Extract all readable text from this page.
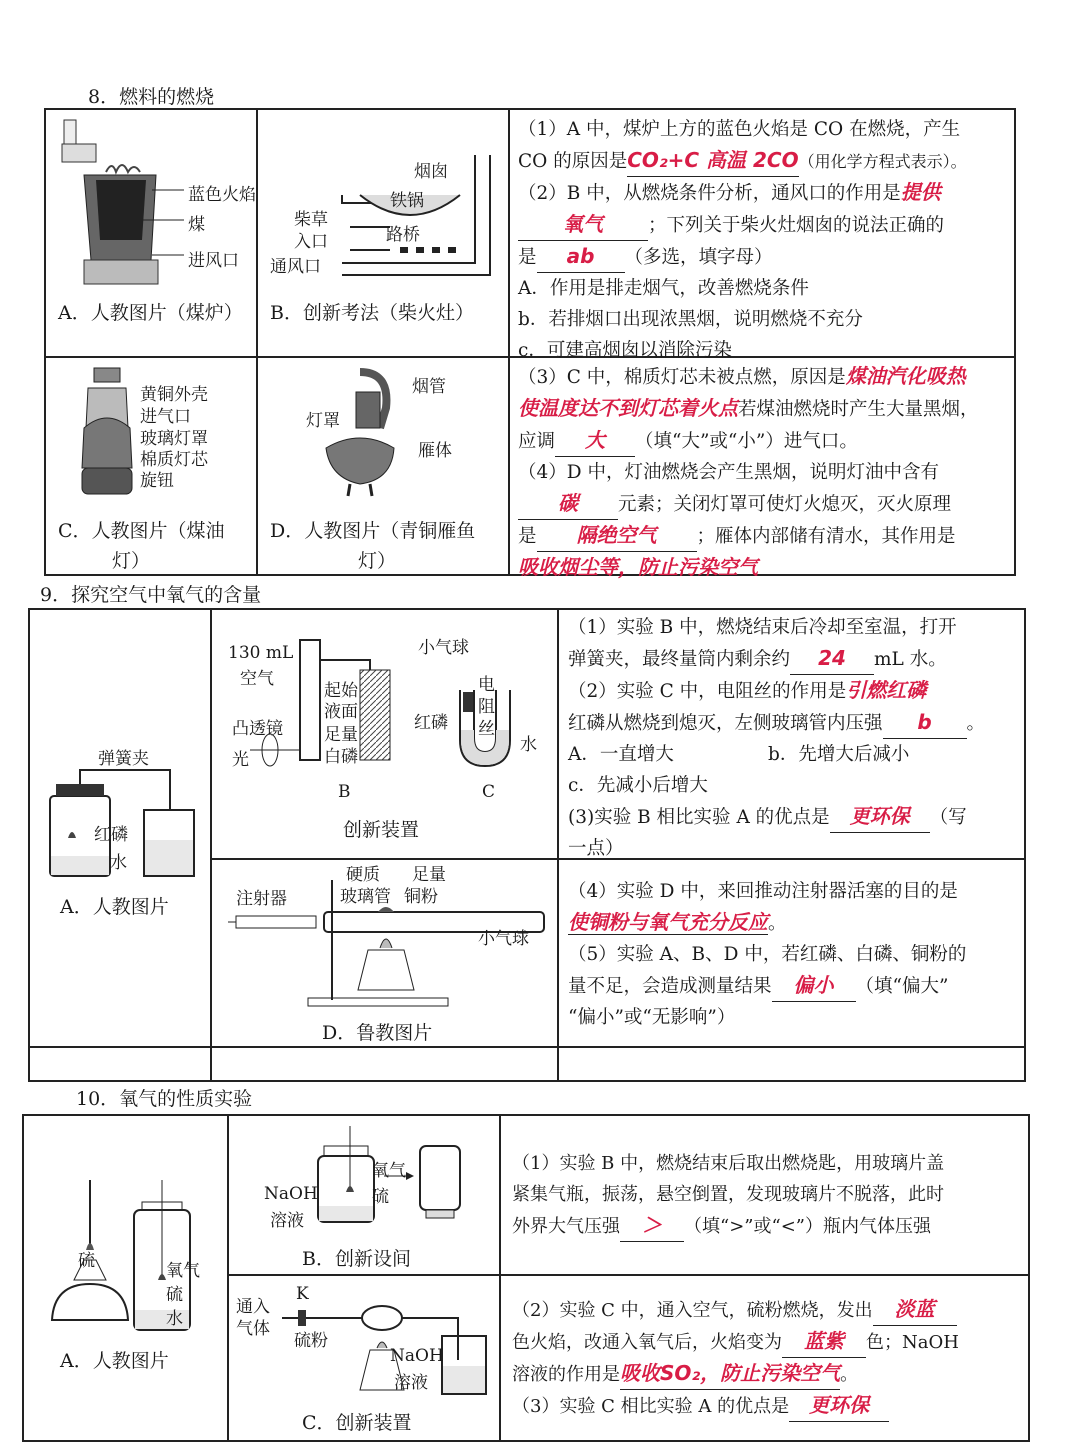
8．燃料的燃烧
蓝色火焰
煤
进风口
A．人教图片（煤炉）
烟囱
铁锅
柴草
入口	路桥
通风口
B．创新考法（柴火灶）
黄铜外壳
进气口
玻璃灯罩
棉质灯芯
旋钮
C．人教图片（煤油
灯）
烟管
灯罩
雁体
D．人教图片（青铜雁鱼
灯）

（1）A 中，煤炉上方的蓝色火焰是 CO 在燃烧，产生

CO 的原因是CO₂+C 高温 2CO（用化学方程式表示）。

（2）B 中，从燃烧条件分析，通风口的作用是提供

氧气 ；下列关于柴火灶烟囱的说法正确的

是 ab （多选，填字母）

A．作用是排走烟气，改善燃烧条件

b．若排烟口出现浓黑烟，说明燃烧不充分

c．可建高烟囱以消除污染

（3）C 中，棉质灯芯未被点燃，原因是煤油汽化吸热

使温度达不到灯芯着火点若煤油燃烧时产生大量黑烟，

应调 大 （填“大”或“小”）进气口。

（4）D 中，灯油燃烧会产生黑烟，说明灯油中含有

碳 元素；关闭灯罩可使灯火熄灭，灭火原理

是 隔绝空气 ；雁体内部储有清水，其作用是

吸收烟尘等，防止污染空气

9．探究空气中氧气的含量
弹簧夹
红磷
水
A．人教图片
130 mL
空气
起始
液面
凸透镜 足量
白磷
光
B
小气球
电
阻
丝
红磷
水
C
创新装置
硬质 足量
注射器	玻璃管 铜粉
小气球
D．鲁教图片

（1）实验 B 中，燃烧结束后冷却至室温，打开

弹簧夹，最终量筒内剩余约 24 mL 水。

（2）实验 C 中，电阻丝的作用是引燃红磷

红磷从燃烧到熄灭，左侧玻璃管内压强 b 。

A．一直增大	b．先增大后减小

c．先减小后增大

(3)实验 B 相比实验 A 的优点是 更环保 （写

一点）

（4）实验 D 中，来回推动注射器活塞的目的是

使铜粉与氧气充分反应。

（5）实验 A、B、D 中，若红磷、白磷、铜粉的

量不足，会造成测量结果 偏小 （填“偏大”

“偏小”或“无影响”）

10．氧气的性质实验
硫	氧气
硫
水
A．人教图片
氧气
NaOH	硫
溶液
B．创新设间
通入
K
气体
硫粉
NaOH
溶液
C．创新装置

（1）实验 B 中，燃烧结束后取出燃烧匙，用玻璃片盖

紧集气瓶，振荡，悬空倒置，发现玻璃片不脱落，此时

外界大气压强 ＞ （填“>”或“<”）瓶内气体压强

（2）实验 C 中，通入空气，硫粉燃烧，发出 淡蓝

色火焰，改通入氧气后，火焰变为 蓝紫 色；NaOH

溶液的作用是吸收SO₂，防止污染空气。

（3）实验 C 相比实验 A 的优点是 更环保
